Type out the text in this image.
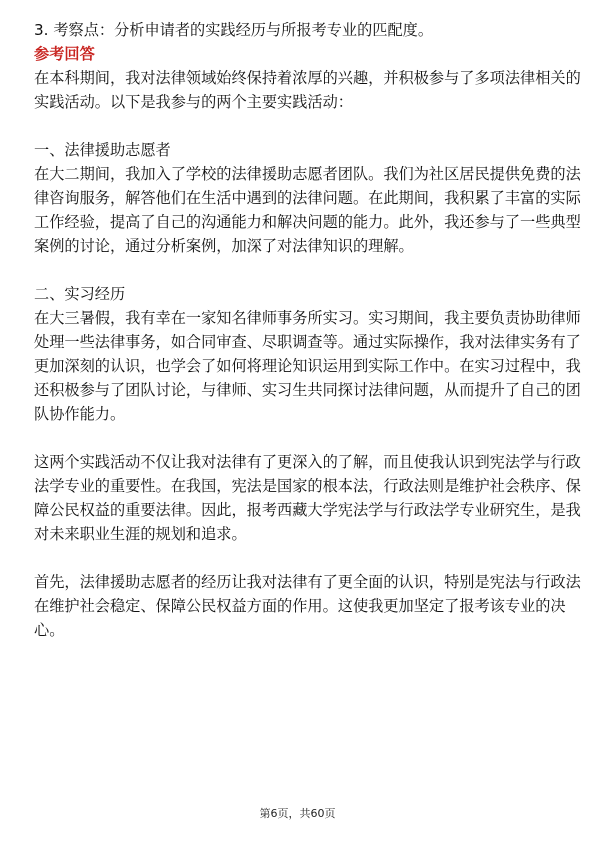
3. 考察点：分析申请者的实践经历与所报考专业的匹配度。

参考回答

在本科期间，我对法律领域始终保持着浓厚的兴趣，并积极参与了多项法律相关的

实践活动。以下是我参与的两个主要实践活动：

一、法律援助志愿者

在大二期间，我加入了学校的法律援助志愿者团队。我们为社区居民提供免费的法

律咨询服务，解答他们在生活中遇到的法律问题。在此期间，我积累了丰富的实际

工作经验，提高了自己的沟通能力和解决问题的能力。此外，我还参与了一些典型

案例的讨论，通过分析案例，加深了对法律知识的理解。

二、实习经历

在大三暑假，我有幸在一家知名律师事务所实习。实习期间，我主要负责协助律师

处理一些法律事务，如合同审查、尽职调查等。通过实际操作，我对法律实务有了

更加深刻的认识，也学会了如何将理论知识运用到实际工作中。在实习过程中，我

还积极参与了团队讨论，与律师、实习生共同探讨法律问题，从而提升了自己的团

队协作能力。

这两个实践活动不仅让我对法律有了更深入的了解，而且使我认识到宪法学与行政

法学专业的重要性。在我国，宪法是国家的根本法，行政法则是维护社会秩序、保

障公民权益的重要法律。因此，报考西藏大学宪法学与行政法学专业研究生，是我

对未来职业生涯的规划和追求。

首先，法律援助志愿者的经历让我对法律有了更全面的认识，特别是宪法与行政法

在维护社会稳定、保障公民权益方面的作用。这使我更加坚定了报考该专业的决

心。

第6页，共60页
